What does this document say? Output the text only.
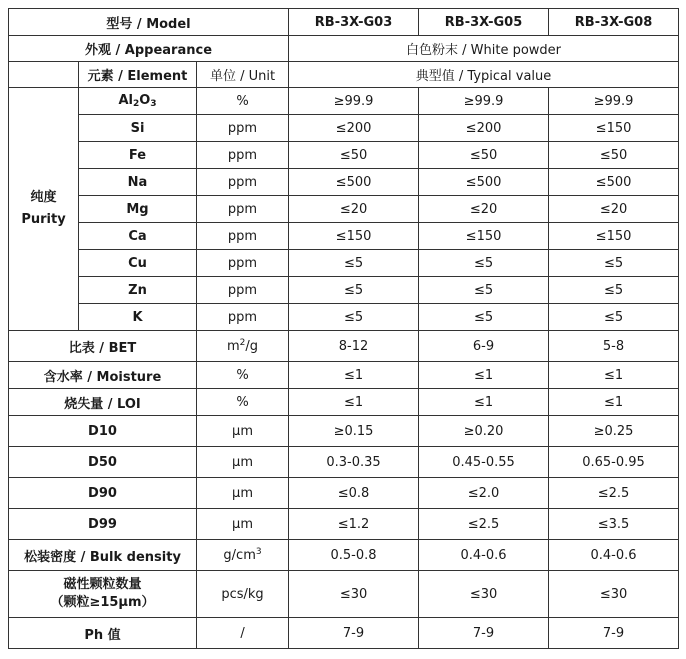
型号 / Model			RB-3X-G03	RB-3X-G05	RB-3X-G08
外观 / Appearance			白色粉末 / White powder		
	元素 / Element	单位 / Unit	典型值 / Typical value		
纯度
Purity	$Al_2O_3$	%	≥99.9	≥99.9	≥99.9
	Si	ppm	≤200	≤200	≤150
	Fe	ppm	≤50	≤50	≤50
	Na	ppm	≤500	≤500	≤500
	Mg	ppm	≤20	≤20	≤20
	Ca	ppm	≤150	≤150	≤150
	Cu	ppm	≤5	≤5	≤5
	Zn	ppm	≤5	≤5	≤5
	K	ppm	≤5	≤5	≤5
比表 / BET		$m^2/g$	8-12	6-9	5-8
含水率 / Moisture		%	≤1	≤1	≤1
烧失量 / LOI		%	≤1	≤1	≤1
D10		μm	≥0.15	≥0.20	≥0.25
D50		μm	0.3-0.35	0.45-0.55	0.65-0.95
D90		μm	≤0.8	≤2.0	≤2.5
D99		μm	≤1.2	≤2.5	≤3.5
松装密度 / Bulk density		$g/cm^3$	0.5-0.8	0.4-0.6	0.4-0.6
磁性颗粒数量
（颗粒≥15μm）		pcs/kg	≤30	≤30	≤30
Ph 值		/	7-9	7-9	7-9
